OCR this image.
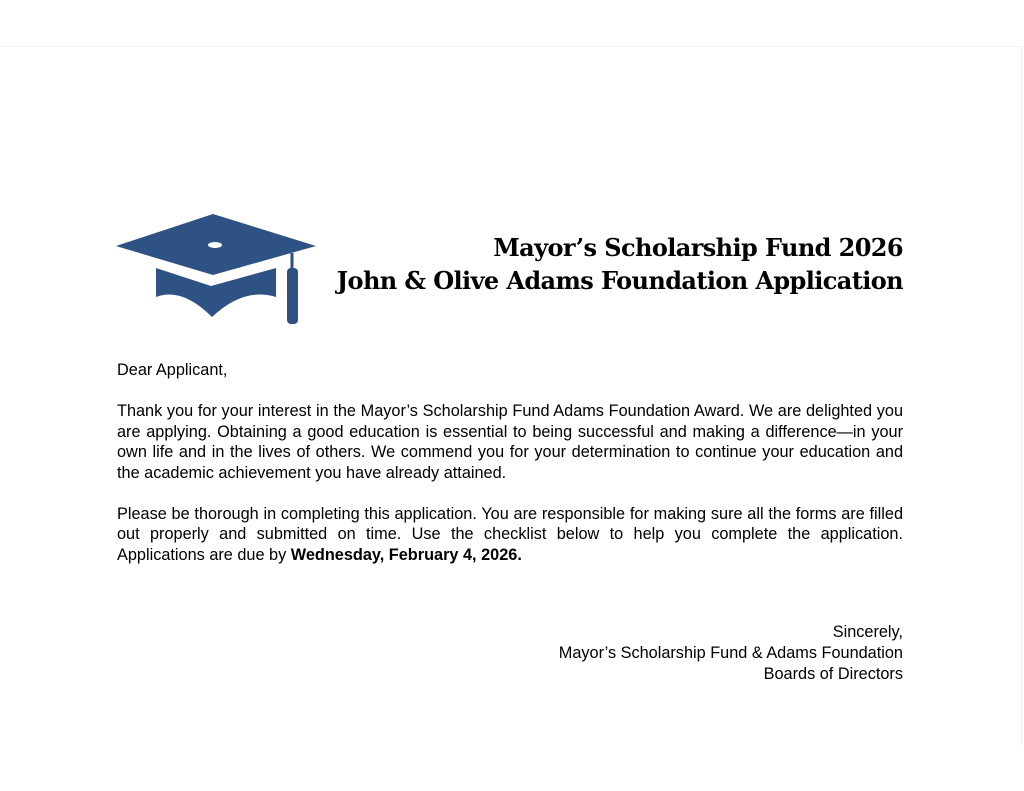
Mayor’s Scholarship Fund 2026
John & Olive Adams Foundation Application

Dear Applicant,

Thank you for your interest in the Mayor’s Scholarship Fund Adams Foundation Award. We are delighted you are applying. Obtaining a good education is essential to being successful and making a difference—in your own life and in the lives of others. We commend you for your determination to continue your education and the academic achievement you have already attained.

Please be thorough in completing this application. You are responsible for making sure all the forms are filled out properly and submitted on time. Use the checklist below to help you complete the application. Applications are due by Wednesday, February 4, 2026.

Sincerely,
Mayor’s Scholarship Fund & Adams Foundation
Boards of Directors
